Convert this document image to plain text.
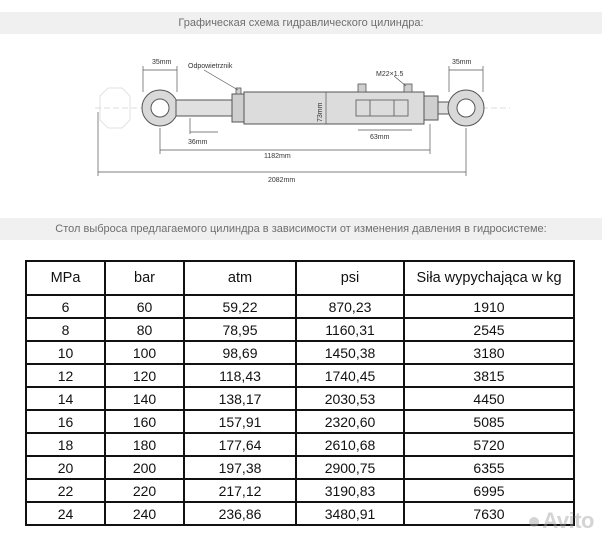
Графическая схема гидравлического цилиндра:
35mm
Odpowietrznik
36mm
73mm
M22×1.5
63mm
35mm
1182mm
2082mm
Стол выброса предлагаемого цилиндра в зависимости от изменения давления в гидросистеме:
MPa	bar	atm	psi	Siła wypychająca w kg
6	60	59,22	870,23	1910
8	80	78,95	1160,31	2545
10	100	98,69	1450,38	3180
12	120	118,43	1740,45	3815
14	140	138,17	2030,53	4450
16	160	157,91	2320,60	5085
18	180	177,64	2610,68	5720
20	200	197,38	2900,75	6355
22	220	217,12	3190,83	6995
24	240	236,86	3480,91	7630	Avito
